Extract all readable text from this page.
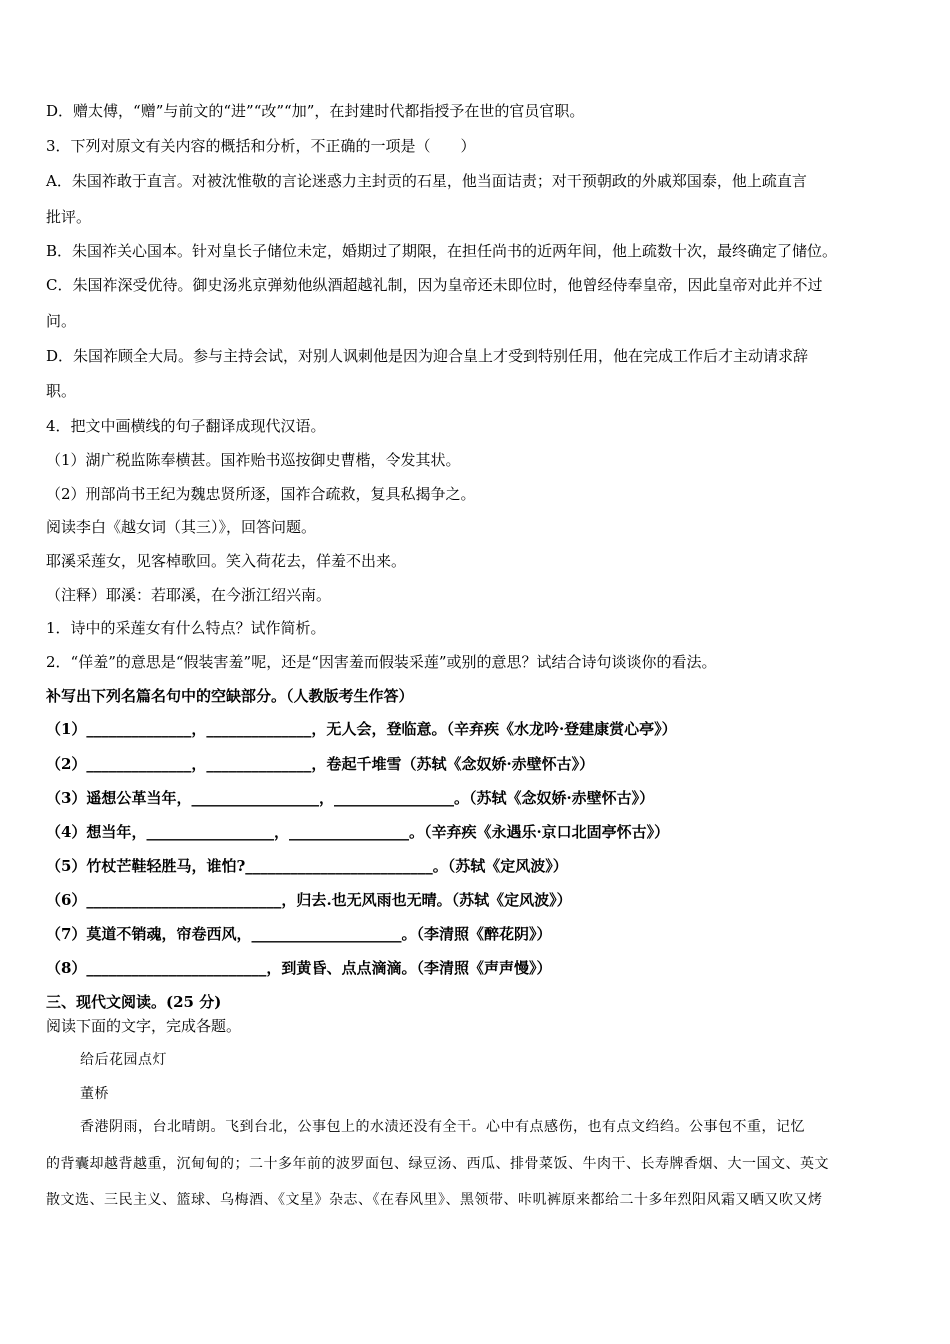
D．赠太傅，“赠”与前文的“进”“改”“加”，在封建时代都指授予在世的官员官职。
3．下列对原文有关内容的概括和分析，不正确的一项是（　　）
A．朱国祚敢于直言。对被沈惟敬的言论迷惑力主封贡的石星，他当面诘责；对干预朝政的外戚郑国泰，他上疏直言
批评。
B．朱国祚关心国本。针对皇长子储位未定，婚期过了期限，在担任尚书的近两年间，他上疏数十次，最终确定了储位。
C．朱国祚深受优待。御史汤兆京弹劾他纵酒超越礼制，因为皇帝还未即位时，他曾经侍奉皇帝，因此皇帝对此并不过
问。
D．朱国祚顾全大局。参与主持会试，对别人讽刺他是因为迎合皇上才受到特别任用，他在完成工作后才主动请求辞
职。
4．把文中画横线的句子翻译成现代汉语。
（1）湖广税监陈奉横甚。国祚贻书巡按御史曹楷，令发其状。
（2）刑部尚书王纪为魏忠贤所逐，国祚合疏救，复具私揭争之。
阅读李白《越女词（其三）》，回答问题。
耶溪采莲女，见客棹歌回。笑入荷花去，佯羞不出来。
（注释）耶溪：若耶溪，在今浙江绍兴南。
1．诗中的采莲女有什么特点？试作简析。
2．“佯羞”的意思是“假装害羞”呢，还是“因害羞而假装采莲”或别的意思？试结合诗句谈谈你的看法。
补写出下列名篇名句中的空缺部分。（人教版考生作答）
（1）______________，______________，无人会，登临意。（辛弃疾《水龙吟·登建康赏心亭》）
（2）______________，______________，卷起千堆雪（苏轼《念奴娇·赤壁怀古》）
（3）遥想公革当年，_________________，________________。（苏轼《念奴娇·赤壁怀古》）
（4）想当年，_________________，________________。（辛弃疾《永遇乐·京口北固亭怀古》）
（5）竹杖芒鞋轻胜马，谁怕?_________________________。（苏轼《定风波》）
（6）__________________________，归去.也无风雨也无晴。（苏轼《定风波》）
（7）莫道不销魂，帘卷西风，____________________。（李清照《醉花阴》）
（8）________________________，到黄昏、点点滴滴。（李清照《声声慢》）
三、现代文阅读。(25 分)
阅读下面的文字，完成各题。
给后花园点灯
董桥
香港阴雨，台北晴朗。飞到台北，公事包上的水渍还没有全干。心中有点感伤，也有点文绉绉。公事包不重，记忆
的背囊却越背越重，沉甸甸的；二十多年前的波罗面包、绿豆汤、西瓜、排骨菜饭、牛肉干、长寿牌香烟、大一国文、英文
散文选、三民主义、篮球、乌梅酒、《文星》杂志、《在春风里》、黑领带、咔叽裤原来都给二十多年烈阳风霜又晒又吹又烤
